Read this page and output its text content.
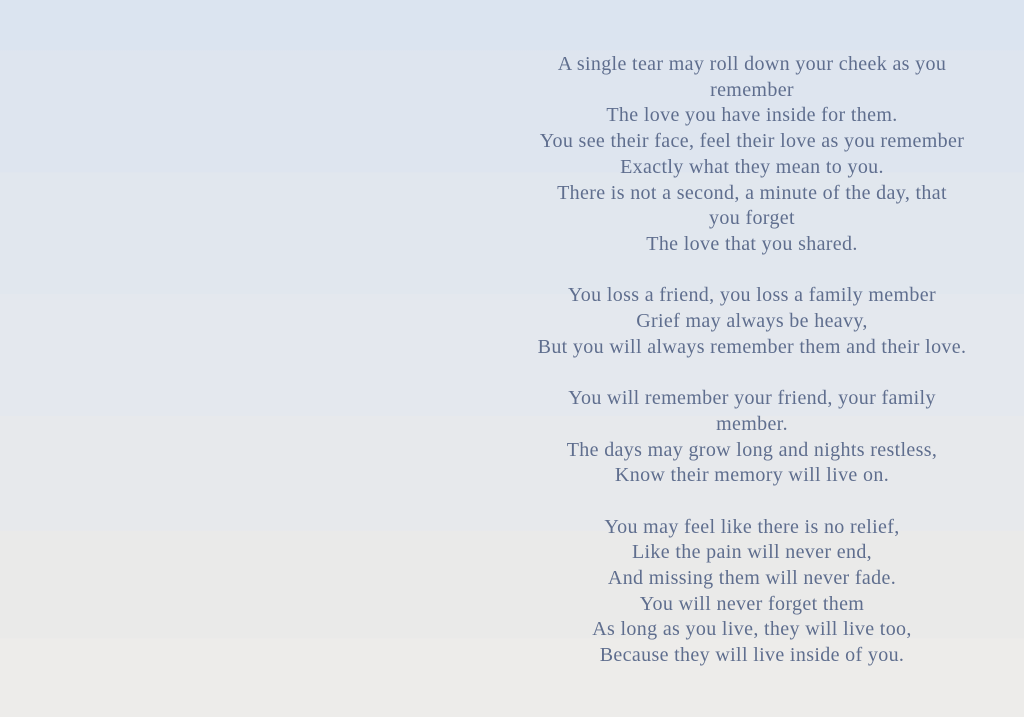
A single tear may roll down your cheek as you
remember
The love you have inside for them.
You see their face, feel their love as you remember
Exactly what they mean to you.
There is not a second, a minute of the day, that
you forget
The love that you shared.
You loss a friend, you loss a family member
Grief may always be heavy,
But you will always remember them and their love.
You will remember your friend, your family
member.
The days may grow long and nights restless,
Know their memory will live on.
You may feel like there is no relief,
Like the pain will never end,
And missing them will never fade.
You will never forget them
As long as you live, they will live too,
Because they will live inside of you.
